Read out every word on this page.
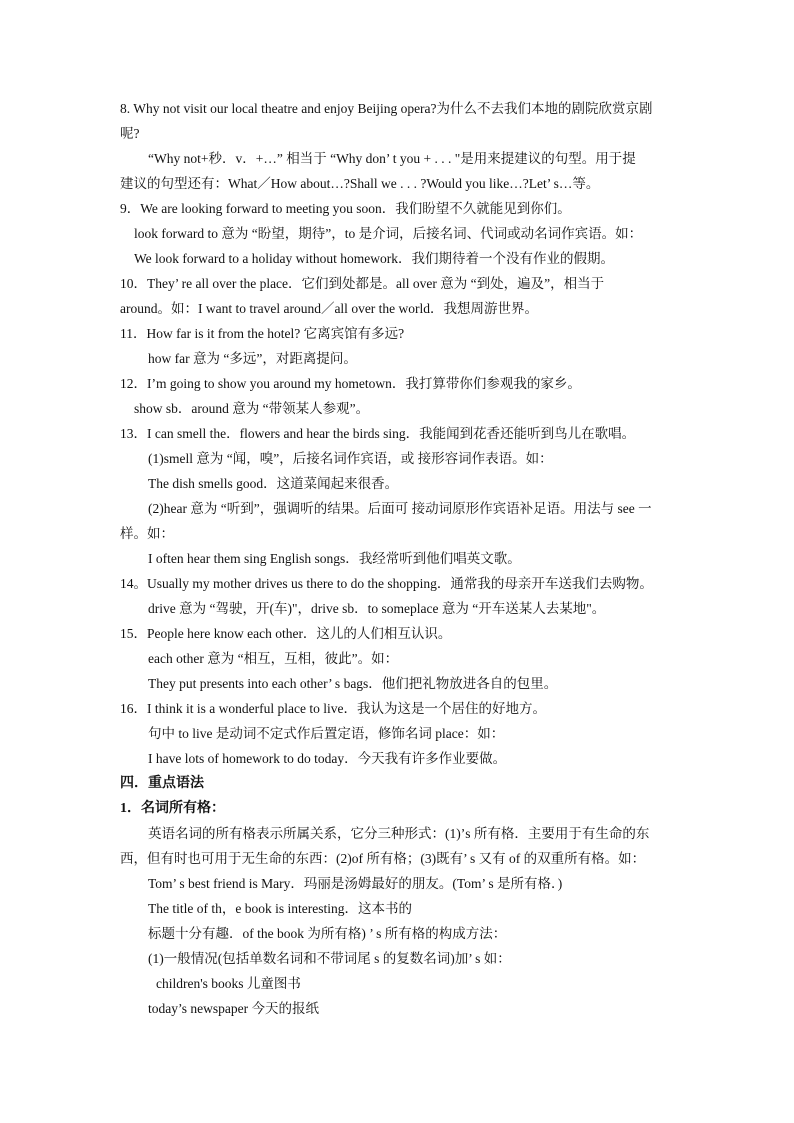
8. Why not visit our local theatre and enjoy Beijing opera?为什么不去我们本地的剧院欣赏京剧
呢?
“Why not+秒．v．+…” 相当于 “Why don’ t you + . . . "是用来提建议的句型。用于提
建议的句型还有：What／How about…?Shall we . . . ?Would you like…?Let’ s…等。
9．We are looking forward to meeting you soon．我们盼望不久就能见到你们。
look forward to 意为 “盼望，期待”，to 是介词，后接名词、代词或动名词作宾语。如：
We look forward to a holiday without homework．我们期待着一个没有作业的假期。
10．They’ re all over the place．它们到处都是。all over 意为 “到处，遍及”，相当于
around。如：I want to travel around／all over the world．我想周游世界。
11．How far is it from the hotel? 它离宾馆有多远?
how far 意为 “多远”，对距离提问。
12．I’m going to show you around my hometown．我打算带你们参观我的家乡。
show sb．around 意为 “带领某人参观”。
13．I can smell the．flowers and hear the birds sing．我能闻到花香还能听到鸟儿在歌唱。
(1)smell 意为 “闻，嗅”，后接名词作宾语，或 接形容词作表语。如：
The dish smells good．这道菜闻起来很香。
(2)hear 意为 “听到”，强调听的结果。后面可 接动词原形作宾语补足语。用法与 see 一
样。如：
I often hear them sing English songs．我经常听到他们唱英文歌。
14。Usually my mother drives us there to do the shopping．通常我的母亲开车送我们去购物。
drive 意为 “驾驶，开(车)"，drive sb．to someplace 意为 “开车送某人去某地"。
15．People here know each other．这儿的人们相互认识。
each other 意为 “相互，互相，彼此”。如：
They put presents into each other’ s bags．他们把礼物放进各自的包里。
16．I think it is a wonderful place to live．我认为这是一个居住的好地方。
句中 to live 是动词不定式作后置定语，修饰名词 place：如：
I have lots of homework to do today．今天我有许多作业要做。
四．重点语法
1．名词所有格：
英语名词的所有格表示所属关系，它分三种形式：(1)’s 所有格．主要用于有生命的东
西，但有时也可用于无生命的东西：(2)of 所有格；(3)既有’ s 又有 of 的双重所有格。如：
Tom’ s best friend is Mary．玛丽是汤姆最好的朋友。(Tom’ s 是所有格．)
The title of th，e book is interesting．这本书的
标题十分有趣．of the book 为所有格) ’ s 所有格的构成方法：
(1)一般情况(包括单数名词和不带词尾 s 的复数名词)加’ s 如：
children's books 儿童图书
today’s newspaper 今天的报纸
